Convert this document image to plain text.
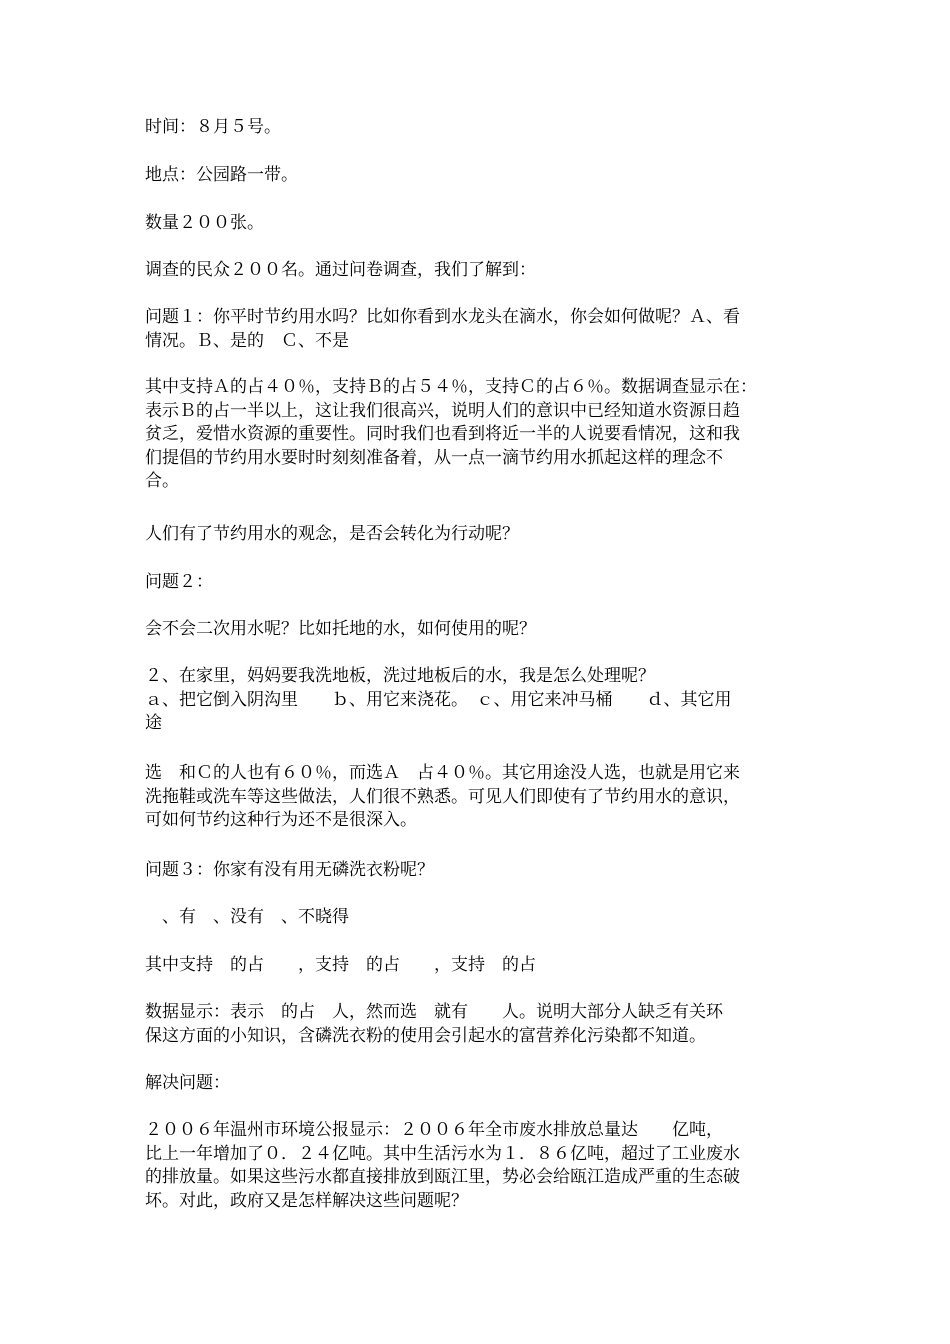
时间：８月５号。

地点：公园路一带。

数量２００张。

调查的民众２００名。通过问卷调查，我们了解到：

问题１：你平时节约用水吗？比如你看到水龙头在滴水，你会如何做呢？Ａ、看
情况。Ｂ、是的　Ｃ、不是

其中支持Ａ的占４０％，支持Ｂ的占５４％，支持Ｃ的占６％。数据调查显示在：
表示Ｂ的占一半以上，这让我们很高兴，说明人们的意识中已经知道水资源日趋
贫乏，爱惜水资源的重要性。同时我们也看到将近一半的人说要看情况，这和我
们提倡的节约用水要时时刻刻准备着，从一点一滴节约用水抓起这样的理念不
合。

人们有了节约用水的观念，是否会转化为行动呢？

问题２：

会不会二次用水呢？比如托地的水，如何使用的呢？

２、在家里，妈妈要我洗地板，洗过地板后的水，我是怎么处理呢？
ａ、把它倒入阴沟里　　ｂ、用它来浇花。　ｃ、用它来冲马桶　　ｄ、其它用
途

选　和Ｃ的人也有６０％，而选Ａ　占４０％。其它用途没人选，也就是用它来
洗拖鞋或洗车等这些做法，人们很不熟悉。可见人们即使有了节约用水的意识，
可如何节约这种行为还不是很深入。

问题３：你家有没有用无磷洗衣粉呢？

　、有　、没有　、不晓得

其中支持　的占　　，支持　的占　　，支持　的占

数据显示：表示　的占　人，然而选　就有　　人。说明大部分人缺乏有关环
保这方面的小知识，含磷洗衣粉的使用会引起水的富营养化污染都不知道。

解决问题：

２００６年温州市环境公报显示：２００６年全市废水排放总量达　　亿吨，
比上一年增加了０．２４亿吨。其中生活污水为１．８６亿吨，超过了工业废水
的排放量。如果这些污水都直接排放到瓯江里，势必会给瓯江造成严重的生态破
坏。对此，政府又是怎样解决这些问题呢？
